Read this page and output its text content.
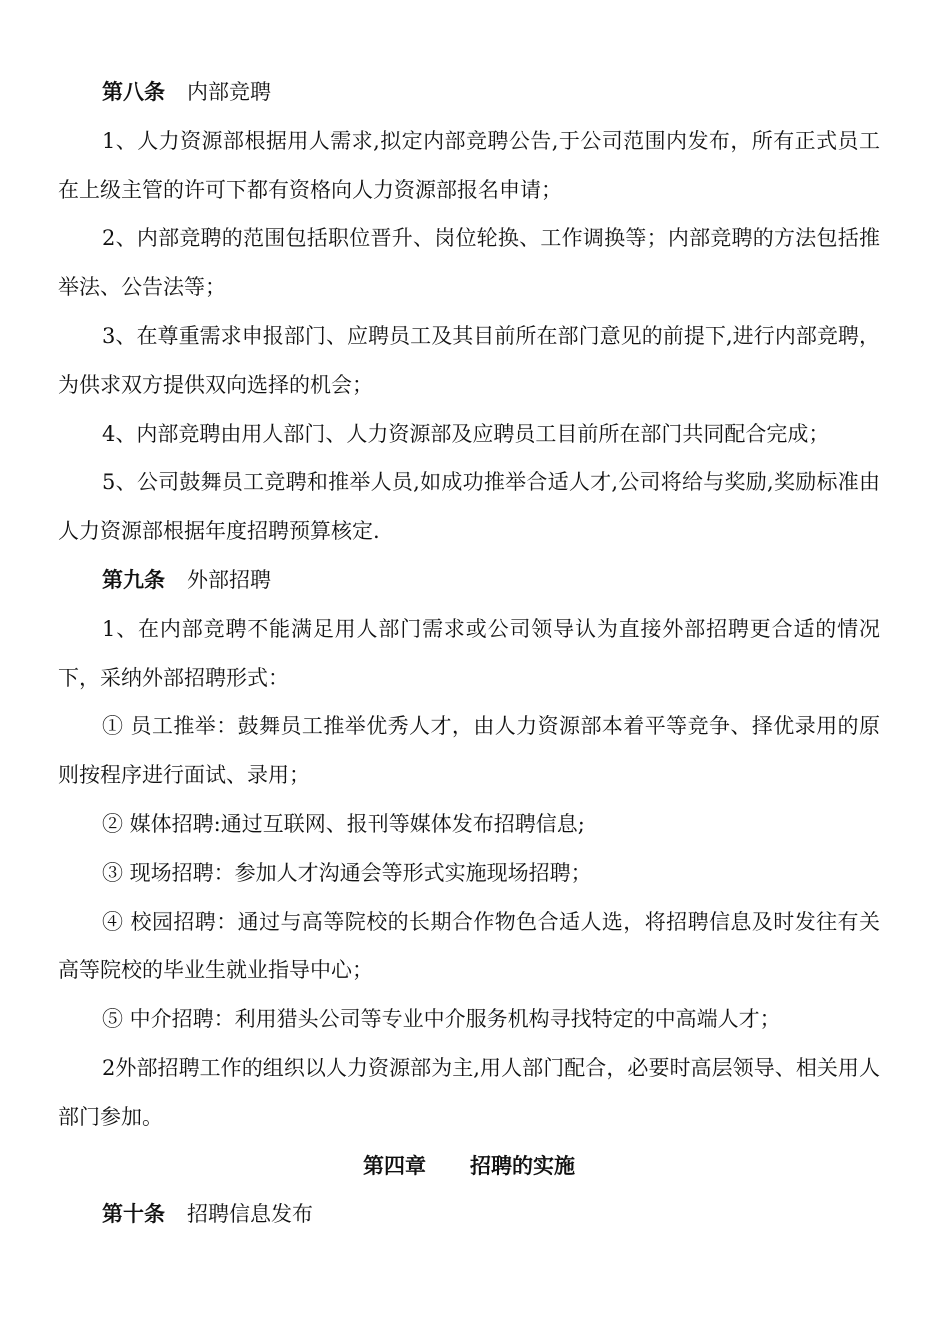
第八条 内部竞聘

1、人力资源部根据用人需求,拟定内部竞聘公告,于公司范围内发布，所有正式员工在上级主管的许可下都有资格向人力资源部报名申请；

2、内部竞聘的范围包括职位晋升、岗位轮换、工作调换等；内部竞聘的方法包括推举法、公告法等；

3、在尊重需求申报部门、应聘员工及其目前所在部门意见的前提下,进行内部竞聘，为供求双方提供双向选择的机会；

4、内部竞聘由用人部门、人力资源部及应聘员工目前所在部门共同配合完成；

5、公司鼓舞员工竞聘和推举人员,如成功推举合适人才,公司将给与奖励,奖励标准由人力资源部根据年度招聘预算核定.

第九条 外部招聘

1、在内部竞聘不能满足用人部门需求或公司领导认为直接外部招聘更合适的情况下，采纳外部招聘形式：

① 员工推举：鼓舞员工推举优秀人才，由人力资源部本着平等竞争、择优录用的原则按程序进行面试、录用；

② 媒体招聘:通过互联网、报刊等媒体发布招聘信息;

③ 现场招聘：参加人才沟通会等形式实施现场招聘；

④ 校园招聘：通过与高等院校的长期合作物色合适人选，将招聘信息及时发往有关高等院校的毕业生就业指导中心；

⑤ 中介招聘：利用猎头公司等专业中介服务机构寻找特定的中高端人才；

2外部招聘工作的组织以人力资源部为主,用人部门配合，必要时高层领导、相关用人部门参加。

第四章 招聘的实施

第十条 招聘信息发布
